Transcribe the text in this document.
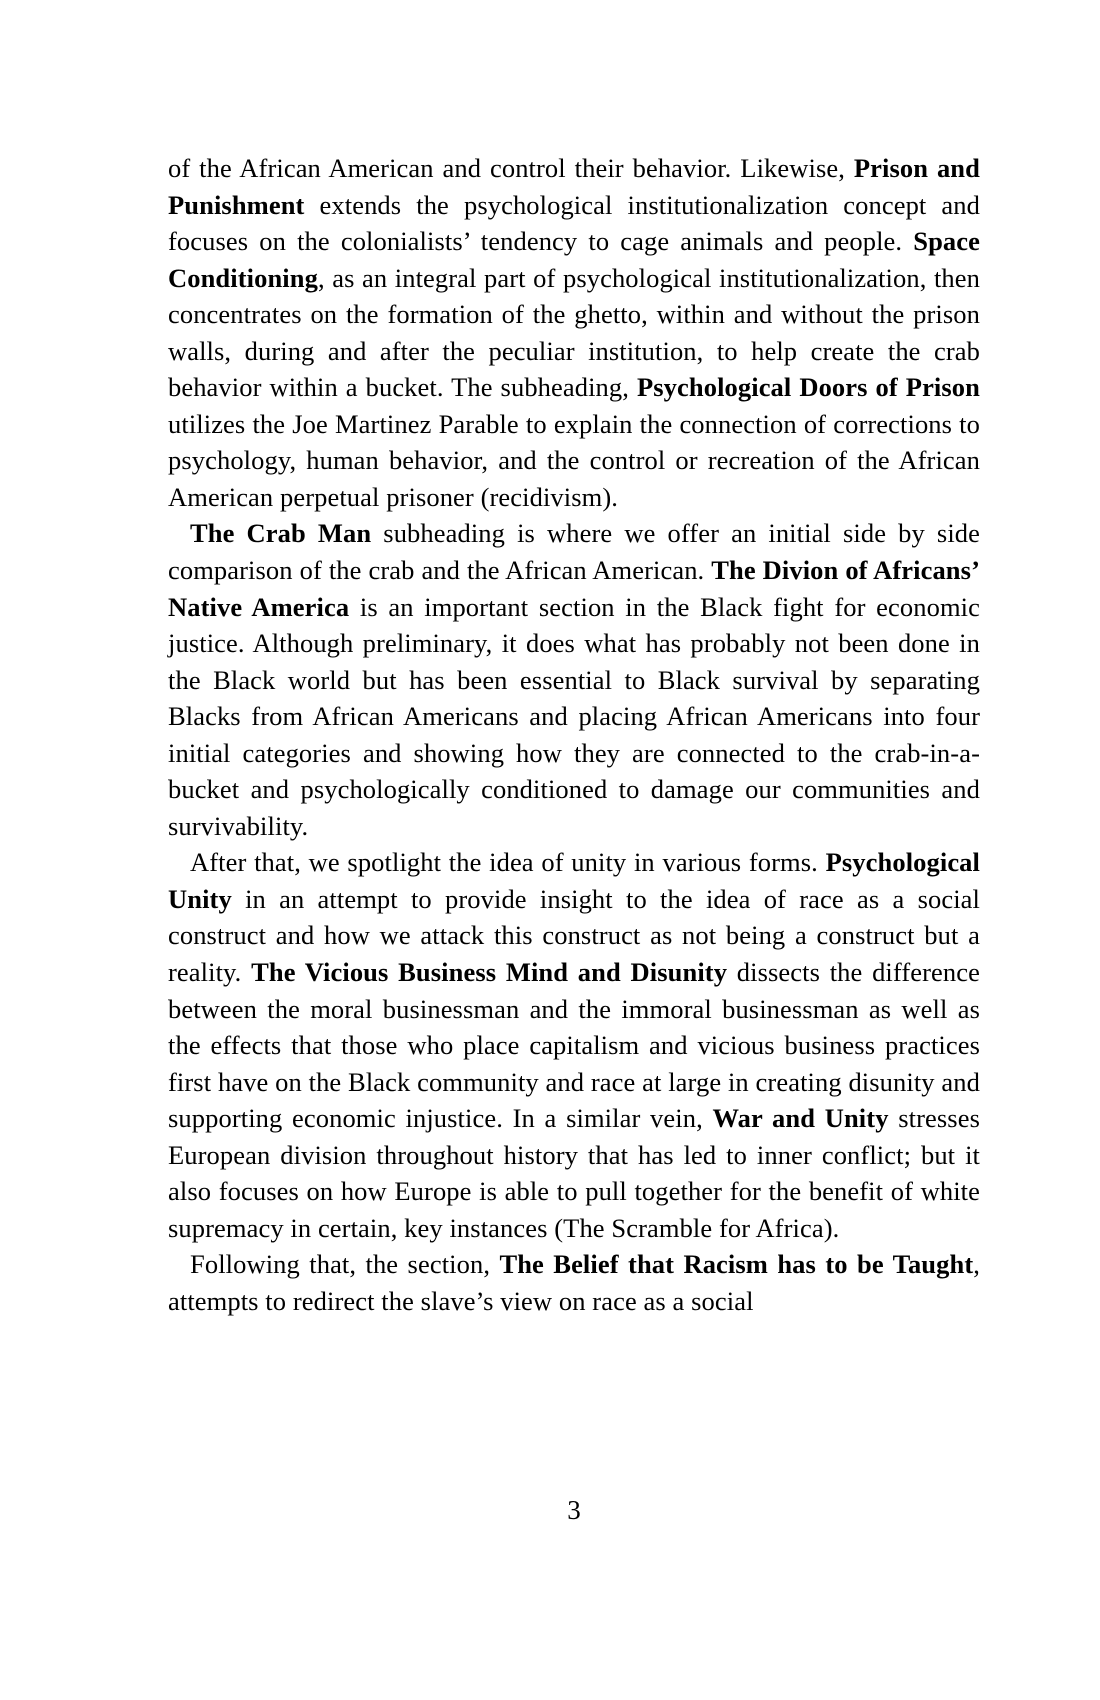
of the African American and control their behavior. Likewise, Prison and Punishment extends the psychological institutionalization concept and focuses on the colonialists’ tendency to cage animals and people. Space Conditioning, as an integral part of psychological institutionalization, then concentrates on the formation of the ghetto, within and without the prison walls, during and after the peculiar institution, to help create the crab behavior within a bucket. The subheading, Psychological Doors of Prison utilizes the Joe Martinez Parable to explain the connection of corrections to psychology, human behavior, and the control or recreation of the African American perpetual prisoner (recidivism).

The Crab Man subheading is where we offer an initial side by side comparison of the crab and the African American. The Divion of Africans’ Native America is an important section in the Black fight for economic justice. Although preliminary, it does what has probably not been done in the Black world but has been essential to Black survival by separating Blacks from African Americans and placing African Americans into four initial categories and showing how they are connected to the crab-in-a-bucket and psychologically conditioned to damage our communities and survivability.

After that, we spotlight the idea of unity in various forms. Psychological Unity in an attempt to provide insight to the idea of race as a social construct and how we attack this construct as not being a construct but a reality. The Vicious Business Mind and Disunity dissects the difference between the moral businessman and the immoral businessman as well as the effects that those who place capitalism and vicious business practices first have on the Black community and race at large in creating disunity and supporting economic injustice. In a similar vein, War and Unity stresses European division throughout history that has led to inner conflict; but it also focuses on how Europe is able to pull together for the benefit of white supremacy in certain, key instances (The Scramble for Africa).

Following that, the section, The Belief that Racism has to be Taught, attempts to redirect the slave’s view on race as a social

3
